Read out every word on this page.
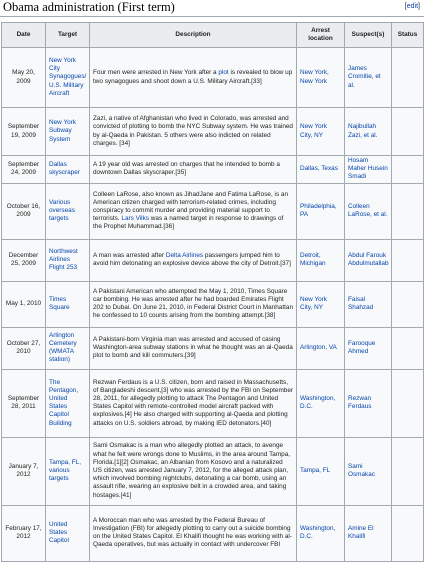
Obama administration (First term)	[edit]
Date	Target	Description	Arrest location	Suspect(s)	Status
May 20, 2009	New York City Synagogues/ U.S. Military Aircraft	Four men were arrested in New York after a plot is revealed to blow up two synagogues and shoot down a U.S. Military Aircraft.[33]	New York, New York	James Cromitie, et al.	
September 19, 2009	New York Subway System	Zazi, a native of Afghanistan who lived in Colorado, was arrested and convicted of plotting to bomb the NYC Subway system. He was trained by al-Qaeda in Pakistan. 5 others were also indicted on related charges. [34]	New York City, NY	Najibullah Zazi, et al.	
September 24, 2009	Dallas skyscraper	A 19 year old was arrested on charges that he intended to bomb a downtown Dallas skyscraper.[35]	Dallas, Texas	Hosam Maher Husein Smadi	
October 16, 2009	Various overseas targets	Colleen LaRose, also known as JihadJane and Fatima LaRose, is an American citizen charged with terrorism-related crimes, including conspiracy to commit murder and providing material support to terrorists. Lars Vilks was a named target in response to drawings of the Prophet Muhammad.[36]	Philadelphia, PA	Colleen LaRose, et al.	
December 25, 2009	Northwest Airlines Flight 253	A man was arrested after Delta Airlines passengers jumped him to avoid him detonating an explosive device above the city of Detroit.[37]	Detroit, Michigan	Abdul Farouk Abdulmutallab	
May 1, 2010	Times Square	A Pakistani American who attempted the May 1, 2010, Times Square car bombing. He was arrested after he had boarded Emirates Flight 202 to Dubai. On June 21, 2010, in Federal District Court in Manhattan he confessed to 10 counts arising from the bombing attempt.[38]	New York City, NY	Faisal Shahzad	
October 27, 2010	Arlington Cemetery (WMATA station)	A Pakistani-born Virginia man was arrested and accused of casing Washington-area subway stations in what he thought was an al-Qaeda plot to bomb and kill commuters.[39]	Arlington, VA	Farooque Ahmed	
September 28, 2011	The Pentagon, United States Capitol Building	Rezwan Ferdaus is a U.S. citizen, born and raised in Massachusetts, of Bangladeshi descent,[3] who was arrested by the FBI on September 28, 2011, for allegedly plotting to attack The Pentagon and United States Capitol with remote-controlled model aircraft packed with explosives.[4] He also charged with supporting al-Qaeda and plotting attacks on U.S. soldiers abroad, by making IED detonators.[40]	Washington, D.C.	Rezwan Ferdaus	
January 7, 2012	Tampa, FL, various targets	Sami Osmakac is a man who allegedly plotted an attack, to avenge what he felt were wrongs done to Muslims, in the area around Tampa, Florida.[1][2] Osmakac, an Albanian from Kosovo and a naturalized US citizen, was arrested January 7, 2012, for the alleged attack plan, which involved bombing nightclubs, detonating a car bomb, using an assault rifle, wearing an explosive belt in a crowded area, and taking hostages.[41]	Tampa, FL	Sami Osmakac	
February 17, 2012	United States Capitol	A Moroccan man who was arrested by the Federal Bureau of Investigation (FBI) for allegedly plotting to carry out a suicide bombing on the United States Capitol. El Khalifi thought he was working with al-Qaeda operatives, but was actually in contact with undercover FBI	Washington, D.C.	Amine El Khalifi	
